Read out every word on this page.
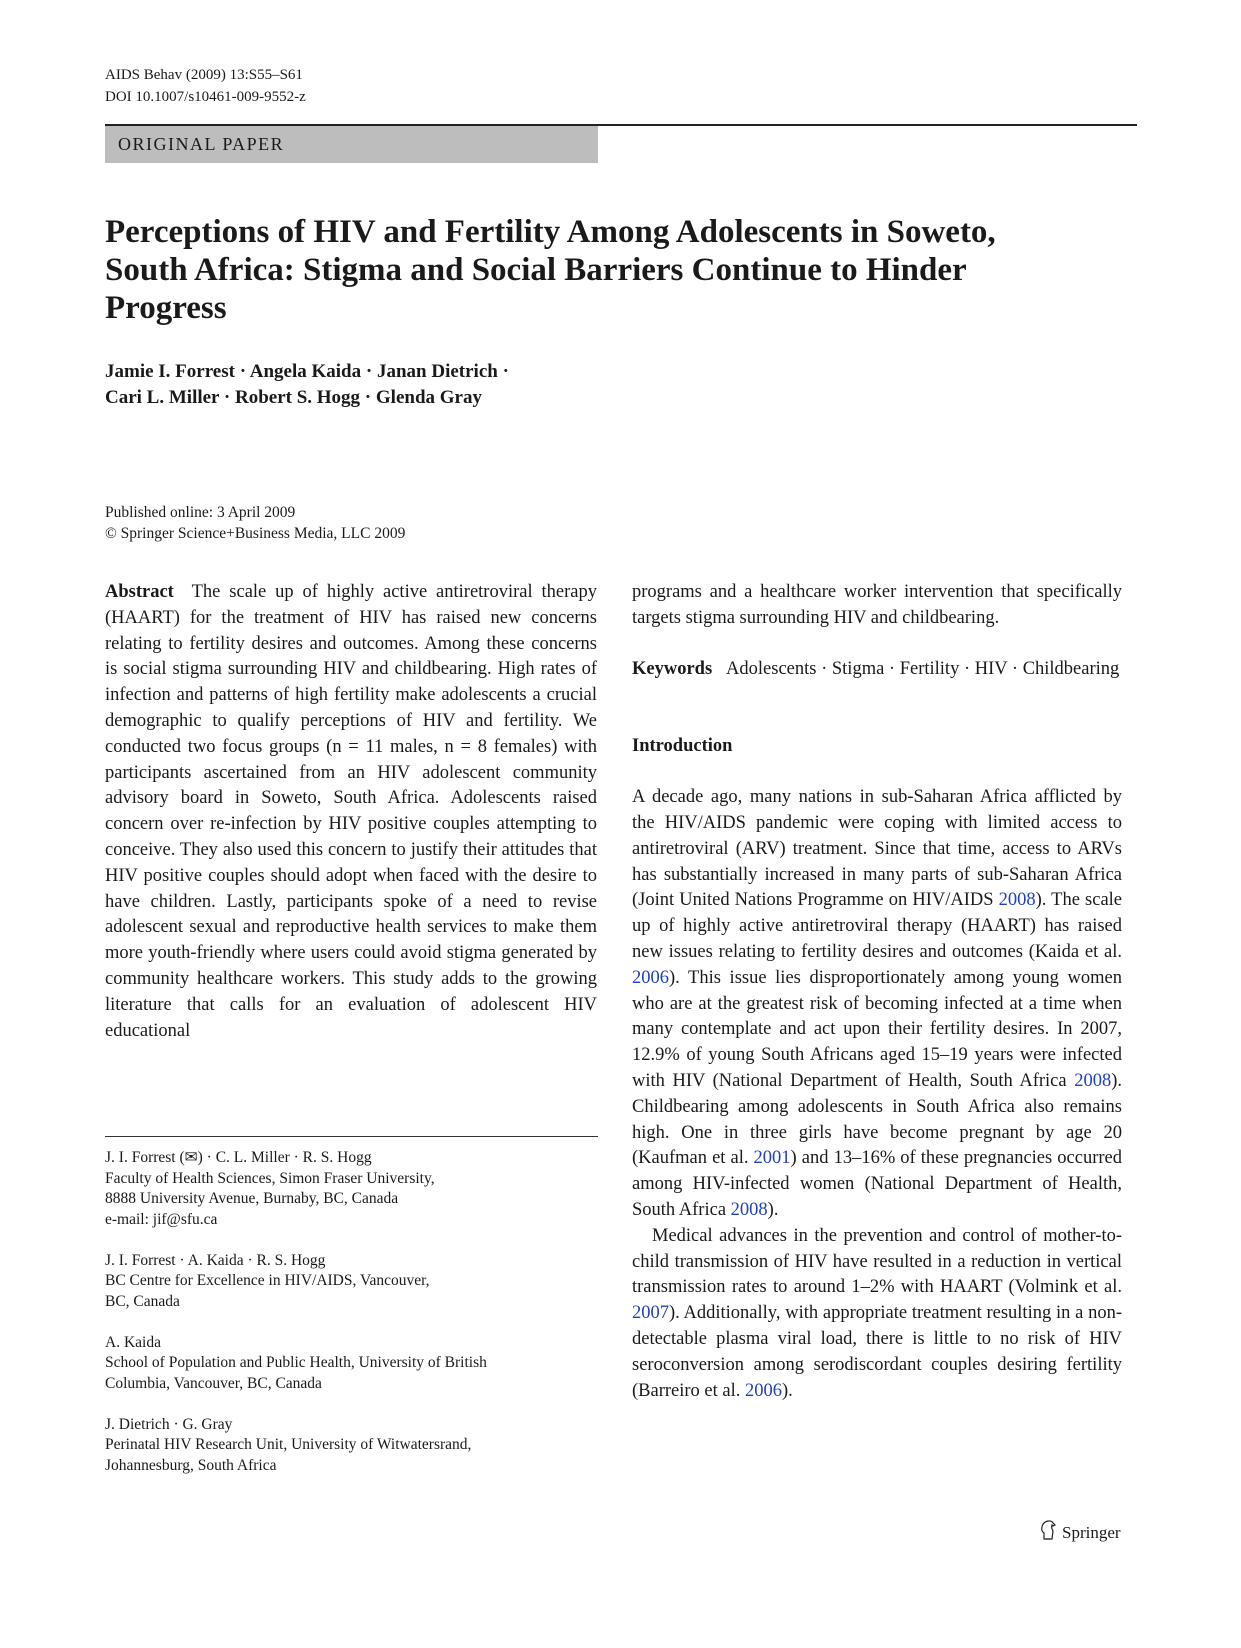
AIDS Behav (2009) 13:S55–S61
DOI 10.1007/s10461-009-9552-z
ORIGINAL PAPER
Perceptions of HIV and Fertility Among Adolescents in Soweto,
South Africa: Stigma and Social Barriers Continue to Hinder
Progress
Jamie I. Forrest · Angela Kaida · Janan Dietrich ·
Cari L. Miller · Robert S. Hogg · Glenda Gray
Published online: 3 April 2009
© Springer Science+Business Media, LLC 2009

Abstract The scale up of highly active antiretroviral therapy (HAART) for the treatment of HIV has raised new concerns relating to fertility desires and outcomes. Among these concerns is social stigma surrounding HIV and childbearing. High rates of infection and patterns of high fertility make adolescents a crucial demographic to qualify perceptions of HIV and fertility. We conducted two focus groups (n = 11 males, n = 8 females) with participants ascertained from an HIV adolescent community advisory board in Soweto, South Africa. Adolescents raised concern over re-infection by HIV positive couples attempting to conceive. They also used this concern to justify their attitudes that HIV positive couples should adopt when faced with the desire to have children. Lastly, participants spoke of a need to revise adolescent sexual and reproductive health services to make them more youth-friendly where users could avoid stigma generated by community healthcare workers. This study adds to the growing literature that calls for an evaluation of adolescent HIV educational

programs and a healthcare worker intervention that specifically targets stigma surrounding HIV and childbearing.

Keywords Adolescents · Stigma · Fertility · HIV · Childbearing

Introduction

A decade ago, many nations in sub-Saharan Africa afflicted by the HIV/AIDS pandemic were coping with limited access to antiretroviral (ARV) treatment. Since that time, access to ARVs has substantially increased in many parts of sub-Saharan Africa (Joint United Nations Programme on HIV/AIDS 2008). The scale up of highly active antiretroviral therapy (HAART) has raised new issues relating to fertility desires and outcomes (Kaida et al. 2006). This issue lies disproportionately among young women who are at the greatest risk of becoming infected at a time when many contemplate and act upon their fertility desires. In 2007, 12.9% of young South Africans aged 15–19 years were infected with HIV (National Department of Health, South Africa 2008). Childbearing among adolescents in South Africa also remains high. One in three girls have become pregnant by age 20 (Kaufman et al. 2001) and 13–16% of these pregnancies occurred among HIV-infected women (National Department of Health, South Africa 2008).

Medical advances in the prevention and control of mother-to-child transmission of HIV have resulted in a reduction in vertical transmission rates to around 1–2% with HAART (Volmink et al. 2007). Additionally, with appropriate treatment resulting in a non-detectable plasma viral load, there is little to no risk of HIV seroconversion among serodiscordant couples desiring fertility (Barreiro et al. 2006).

J. I. Forrest (✉) · C. L. Miller · R. S. Hogg
Faculty of Health Sciences, Simon Fraser University,
8888 University Avenue, Burnaby, BC, Canada
e-mail: jif@sfu.ca
J. I. Forrest · A. Kaida · R. S. Hogg
BC Centre for Excellence in HIV/AIDS, Vancouver,
BC, Canada
A. Kaida
School of Population and Public Health, University of British
Columbia, Vancouver, BC, Canada
J. Dietrich · G. Gray
Perinatal HIV Research Unit, University of Witwatersrand,
Johannesburg, South Africa
Springer
